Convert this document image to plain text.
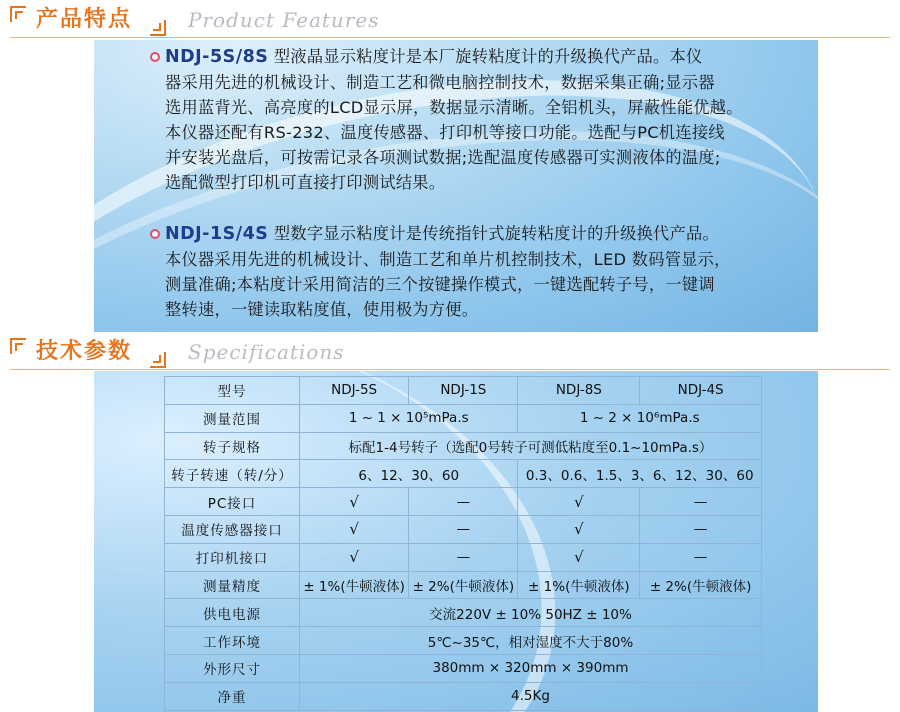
产品特点	Product Features
NDJ-5S/8S 型液晶显示粘度计是本厂旋转粘度计的升级换代产品。本仪
器采用先进的机械设计、制造工艺和微电脑控制技术，数据采集正确;显示器
选用蓝背光、高亮度的LCD显示屏，数据显示清晰。全铝机头，屏蔽性能优越。
本仪器还配有RS-232、温度传感器、打印机等接口功能。选配与PC机连接线
并安装光盘后，可按需记录各项测试数据;选配温度传感器可实测液体的温度;
选配微型打印机可直接打印测试结果。
NDJ-1S/4S 型数字显示粘度计是传统指针式旋转粘度计的升级换代产品。
本仪器采用先进的机械设计、制造工艺和单片机控制技术，LED 数码管显示，
测量准确;本粘度计采用简洁的三个按键操作模式，一键选配转子号，一键调
整转速，一键读取粘度值，使用极为方便。
技术参数	Specifications
型号	NDJ-5S	NDJ-1S	NDJ-8S	NDJ-4S
测量范围	1 ~ 1 × 10⁵mPa.s		1 ~ 2 × 10⁶mPa.s	
转子规格	标配1-4号转子（选配0号转子可测低粘度至0.1~10mPa.s）			
转子转速（转/分）	6、12、30、60		0.3、0.6、1.5、3、6、12、30、60	
PC接口	√	—	√	—
温度传感器接口	√	—	√	—
打印机接口	√	—	√	—
测量精度	± 1%(牛顿液体)	± 2%(牛顿液体)	± 1%(牛顿液体)	± 2%(牛顿液体)
供电电源	交流220V ± 10% 50HZ ± 10%			
工作环境	5℃~35℃，相对湿度不大于80%			
外形尺寸	380mm × 320mm × 390mm			
净重	4.5Kg			
